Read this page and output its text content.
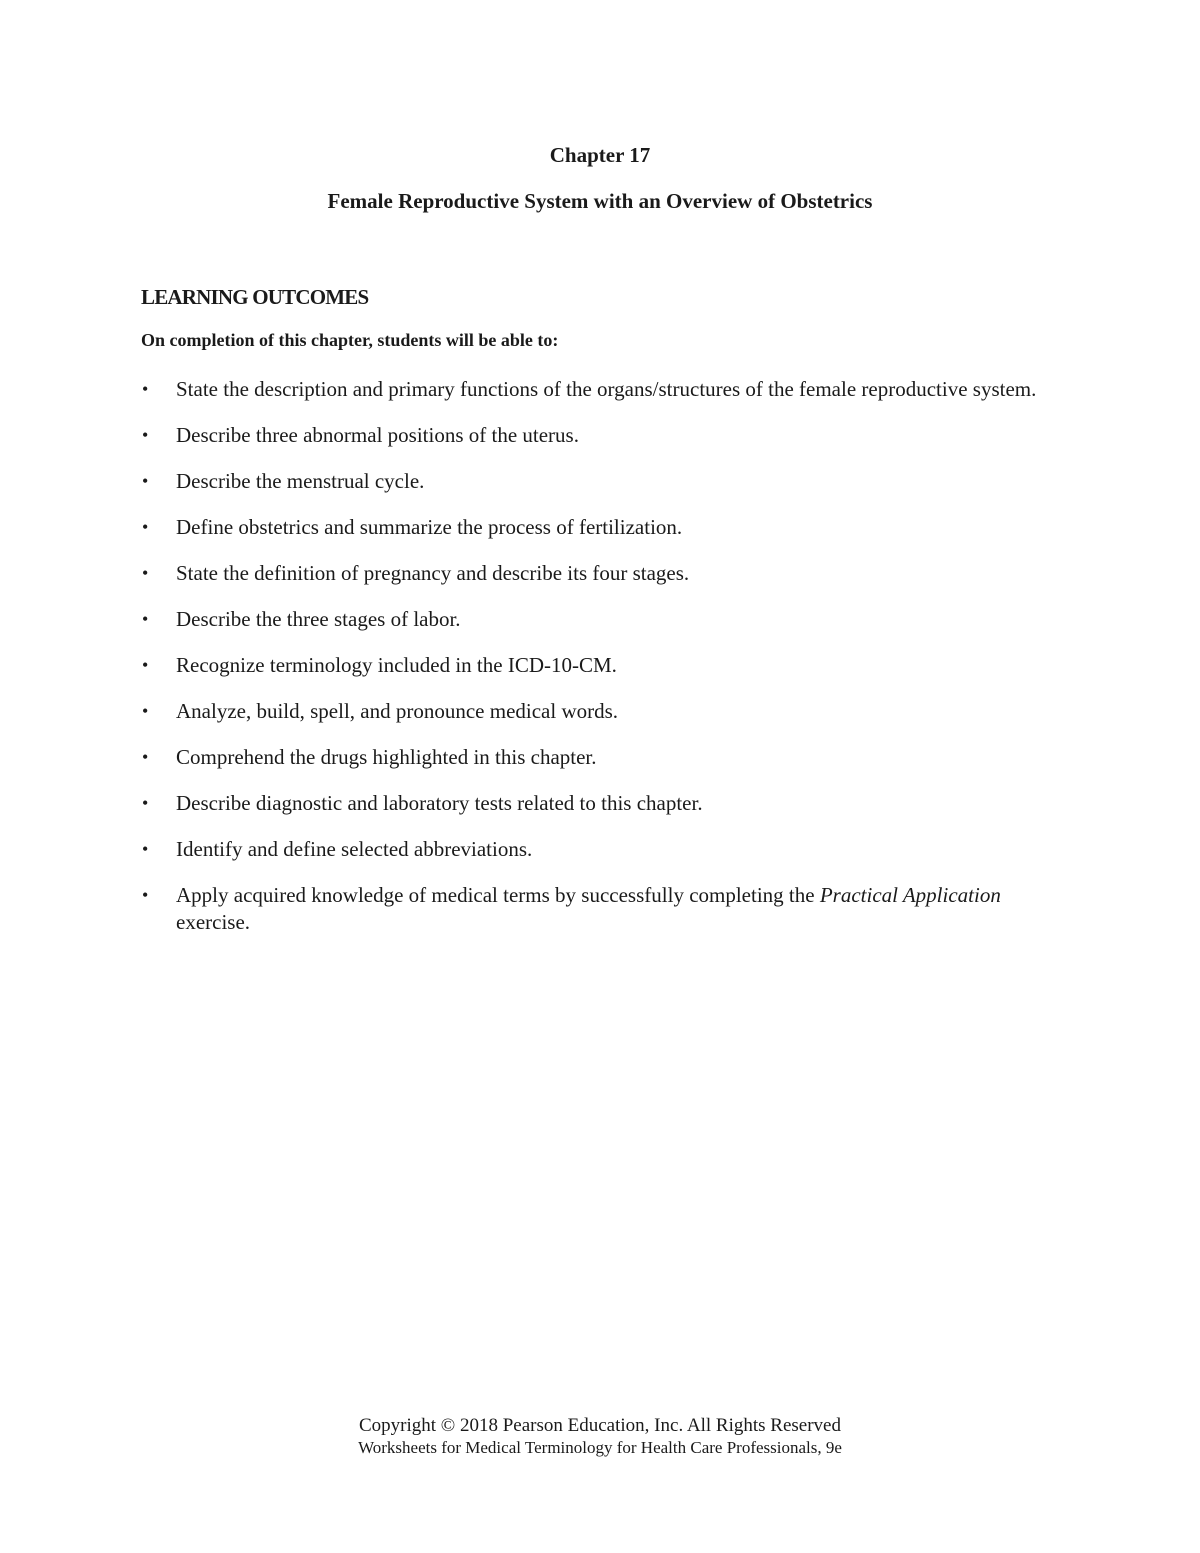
Chapter 17
Female Reproductive System with an Overview of Obstetrics
LEARNING OUTCOMES

On completion of this chapter, students will be able to:

• State the description and primary functions of the organs/structures of the female reproductive system.
• Describe three abnormal positions of the uterus.
• Describe the menstrual cycle.
• Define obstetrics and summarize the process of fertilization.
• State the definition of pregnancy and describe its four stages.
• Describe the three stages of labor.
• Recognize terminology included in the ICD-10-CM.
• Analyze, build, spell, and pronounce medical words.
• Comprehend the drugs highlighted in this chapter.
• Describe diagnostic and laboratory tests related to this chapter.
• Identify and define selected abbreviations.
• Apply acquired knowledge of medical terms by successfully completing the Practical Application exercise.
Copyright © 2018 Pearson Education, Inc. All Rights Reserved
Worksheets for Medical Terminology for Health Care Professionals, 9e
